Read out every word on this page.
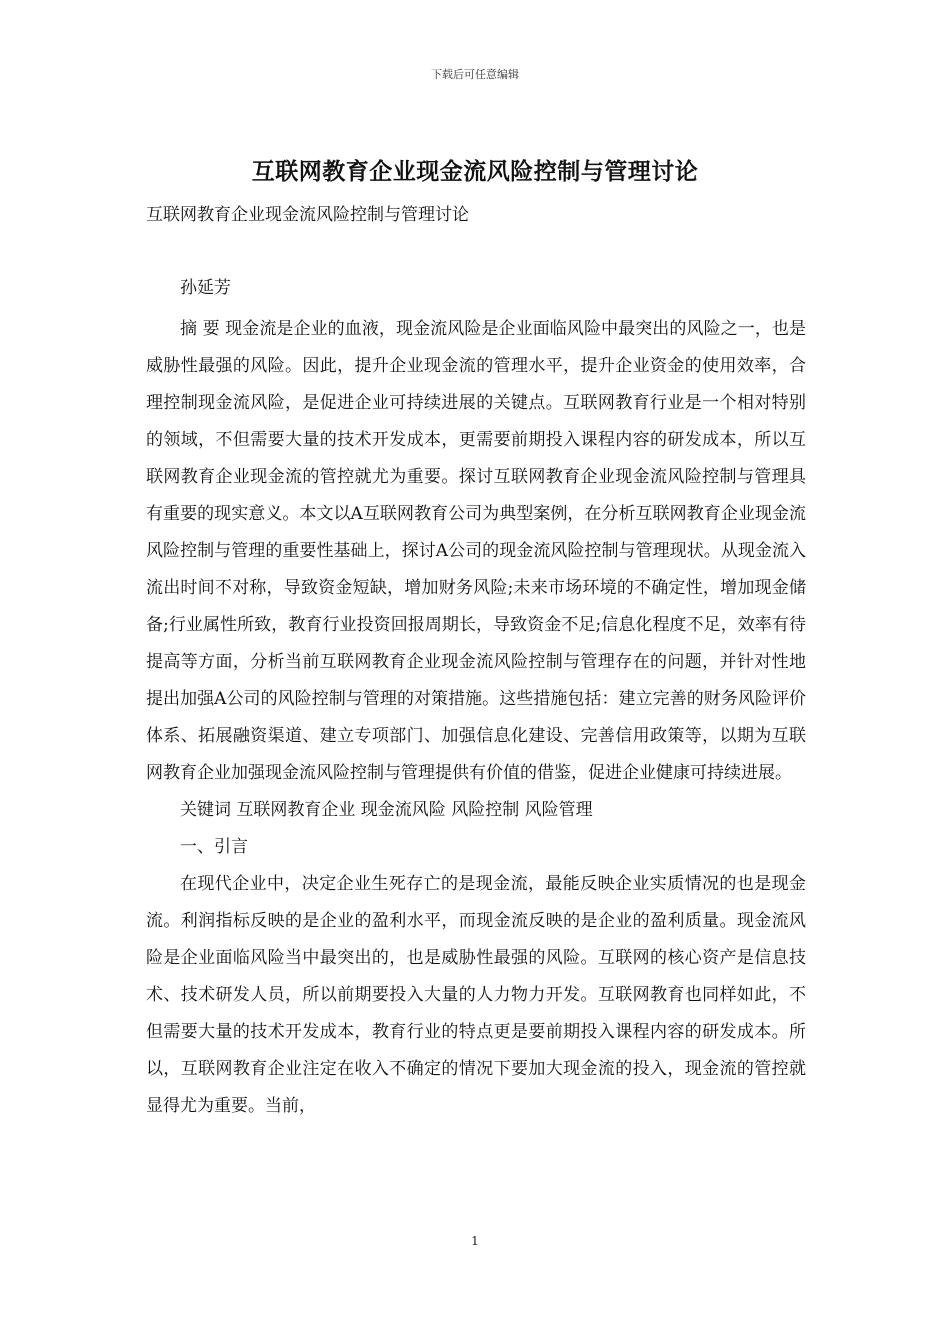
下载后可任意编辑
互联网教育企业现金流风险控制与管理讨论
互联网教育企业现金流风险控制与管理讨论

孙延芳

摘 要 现金流是企业的血液，现金流风险是企业面临风险中最突出的风险之一，也是威胁性最强的风险。因此，提升企业现金流的管理水平，提升企业资金的使用效率，合理控制现金流风险，是促进企业可持续进展的关键点。互联网教育行业是一个相对特别的领域，不但需要大量的技术开发成本，更需要前期投入课程内容的研发成本，所以互联网教育企业现金流的管控就尤为重要。探讨互联网教育企业现金流风险控制与管理具有重要的现实意义。本文以A互联网教育公司为典型案例，在分析互联网教育企业现金流风险控制与管理的重要性基础上，探讨A公司的现金流风险控制与管理现状。从现金流入流出时间不对称，导致资金短缺，增加财务风险;未来市场环境的不确定性，增加现金储备;行业属性所致，教育行业投资回报周期长，导致资金不足;信息化程度不足，效率有待提高等方面，分析当前互联网教育企业现金流风险控制与管理存在的问题，并针对性地提出加强A公司的风险控制与管理的对策措施。这些措施包括：建立完善的财务风险评价体系、拓展融资渠道、建立专项部门、加强信息化建设、完善信用政策等，以期为互联网教育企业加强现金流风险控制与管理提供有价值的借鉴，促进企业健康可持续进展。

关键词 互联网教育企业 现金流风险 风险控制 风险管理

一、引言

在现代企业中，决定企业生死存亡的是现金流，最能反映企业实质情况的也是现金流。利润指标反映的是企业的盈利水平，而现金流反映的是企业的盈利质量。现金流风险是企业面临风险当中最突出的，也是威胁性最强的风险。互联网的核心资产是信息技术、技术研发人员，所以前期要投入大量的人力物力开发。互联网教育也同样如此，不但需要大量的技术开发成本，教育行业的特点更是要前期投入课程内容的研发成本。所以，互联网教育企业注定在收入不确定的情况下要加大现金流的投入，现金流的管控就显得尤为重要。当前，

1
